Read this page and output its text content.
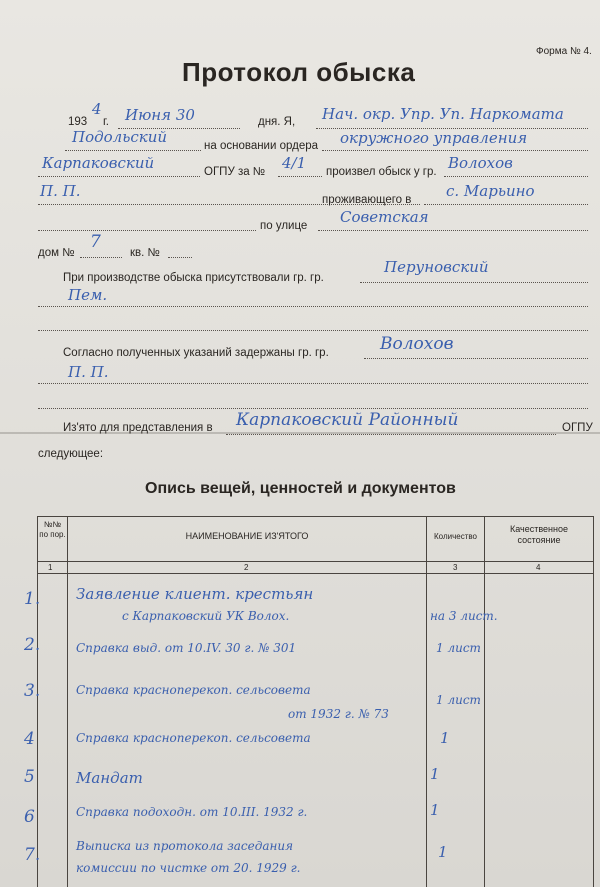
Форма № 4.
Протокол обыска
193
4
г. Июня 30	дня. Я, Нач. окр. Упр. Уп. Наркомата
Подольский	на основании ордера окружного управления
Карпаковский	ОГПУ за № 4/1 произвел обыск у гр. Волохов
П. П.	проживающего в с. Марьино
по улице Советская
дом №
7
кв. №
При производстве обыска присутствовали гр. гр.
Перуновский
Пем.
Согласно полученных указаний задержаны гр. гр.	Волохов
П. П.
Из'ято для представления в Карпаковский Районный	ОГПУ
следующее:
Опись вещей, ценностей и документов
№№ по пор.	НАИМЕНОВАНИЕ ИЗ'ЯТОГО	Количество
Качественное состояние
1	2	3	4
1. Заявление клиент. крестьян
с Карпаковский УК Волох.	на 3 лист.
2.	Справка выд. от 10.IV. 30 г. № 301	1 лист
3.	Справка красноперекоп. сельсовета
от 1932 г. № 73
1 лист
4	Справка красноперекоп. сельсовета	1
5	Мандат	1
6	Справка подоходн. от 10.III. 1932 г.	1
7.	Выписка из протокола заседания
комиссии по чистке от 20. 1929 г.
1
